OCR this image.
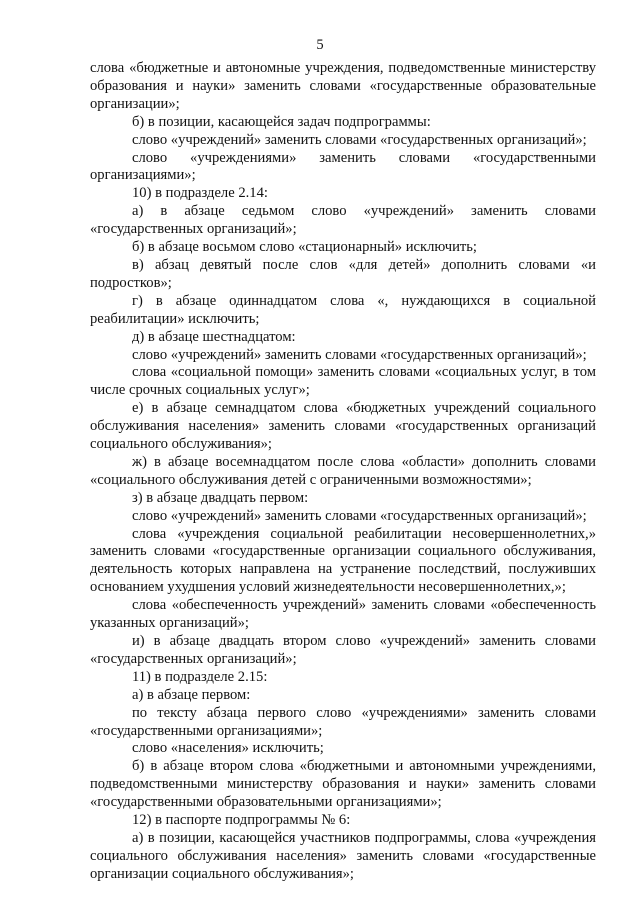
5

слова «бюджетные и автономные учреждения, подведомственные министерству образования и науки» заменить словами «государственные образовательные организации»;

б) в позиции, касающейся задач подпрограммы:

слово «учреждений» заменить словами «государственных организаций»;

слово «учреждениями» заменить словами «государственными организациями»;

10) в подразделе 2.14:

а) в абзаце седьмом слово «учреждений» заменить словами «государственных организаций»;

б) в абзаце восьмом слово «стационарный» исключить;

в) абзац девятый после слов «для детей» дополнить словами «и подростков»;

г) в абзаце одиннадцатом слова «, нуждающихся в социальной реабилитации» исключить;

д) в абзаце шестнадцатом:

слово «учреждений» заменить словами «государственных организаций»;

слова «социальной помощи» заменить словами «социальных услуг, в том числе срочных социальных услуг»;

е) в абзаце семнадцатом слова «бюджетных учреждений социального обслуживания населения» заменить словами «государственных организаций социального обслуживания»;

ж) в абзаце восемнадцатом после слова «области» дополнить словами «социального обслуживания детей с ограниченными возможностями»;

з) в абзаце двадцать первом:

слово «учреждений» заменить словами «государственных организаций»;

слова «учреждения социальной реабилитации несовершеннолетних,» заменить словами «государственные организации социального обслуживания, деятельность которых направлена на устранение последствий, послуживших основанием ухудшения условий жизнедеятельности несовершеннолетних,»;

слова «обеспеченность учреждений» заменить словами «обеспеченность указанных организаций»;

и) в абзаце двадцать втором слово «учреждений» заменить словами «государственных организаций»;

11) в подразделе 2.15:

а) в абзаце первом:

по тексту абзаца первого слово «учреждениями» заменить словами «государственными организациями»;

слово «населения» исключить;

б) в абзаце втором слова «бюджетными и автономными учреждениями, подведомственными министерству образования и науки» заменить словами «государственными образовательными организациями»;

12) в паспорте подпрограммы № 6:

а) в позиции, касающейся участников подпрограммы, слова «учреждения социального обслуживания населения» заменить словами «государственные организации социального обслуживания»;
